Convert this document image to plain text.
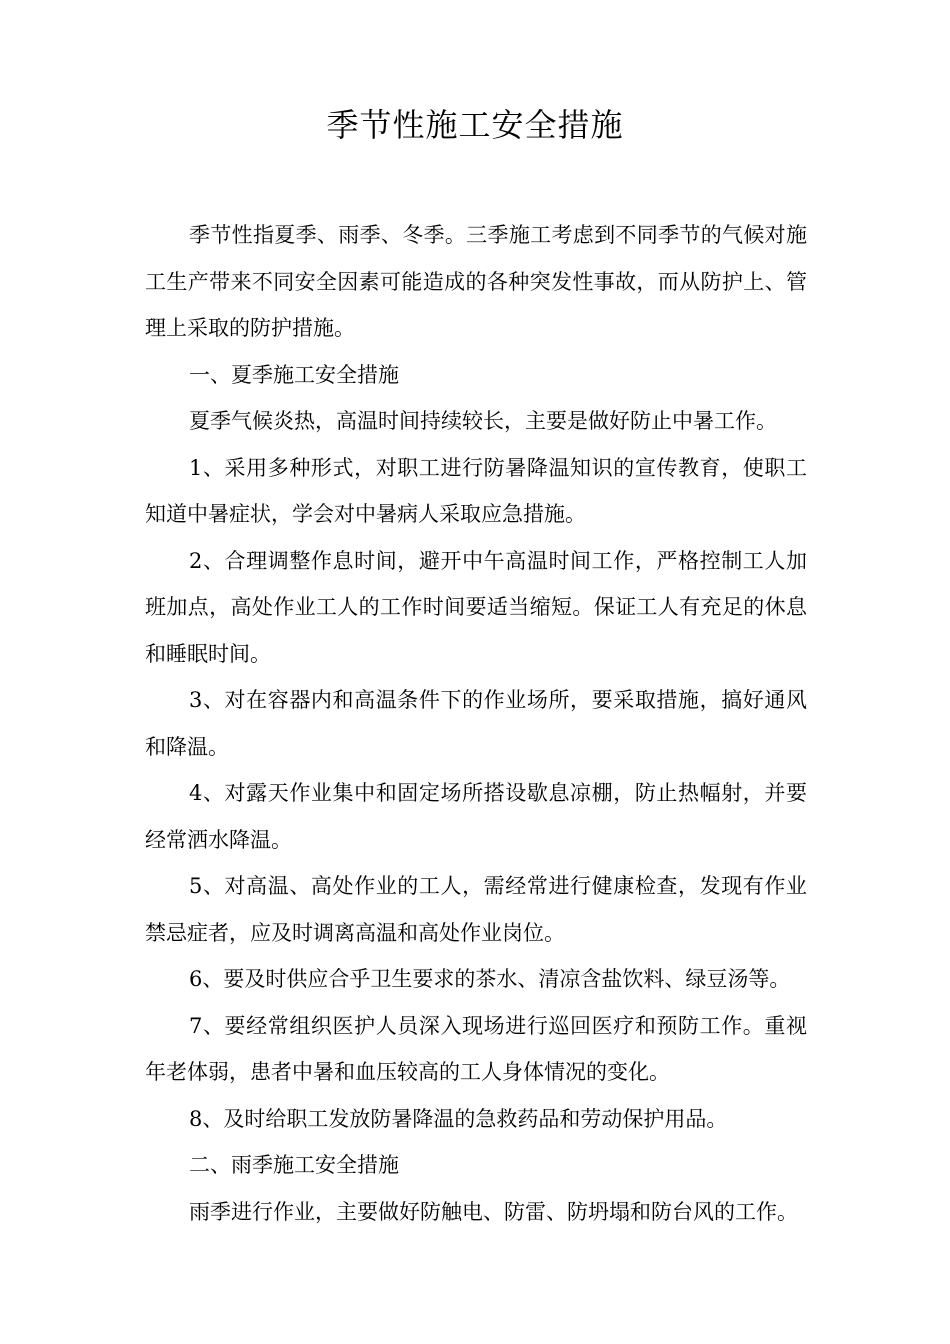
季节性施工安全措施

季节性指夏季、雨季、冬季。三季施工考虑到不同季节的气候对施工生产带来不同安全因素可能造成的各种突发性事故，而从防护上、管理上采取的防护措施。

一、夏季施工安全措施

夏季气候炎热，高温时间持续较长，主要是做好防止中暑工作。

1、采用多种形式，对职工进行防暑降温知识的宣传教育，使职工知道中暑症状，学会对中暑病人采取应急措施。

2、合理调整作息时间，避开中午高温时间工作，严格控制工人加班加点，高处作业工人的工作时间要适当缩短。保证工人有充足的休息和睡眠时间。

3、对在容器内和高温条件下的作业场所，要采取措施，搞好通风和降温。

4、对露天作业集中和固定场所搭设歇息凉棚，防止热幅射，并要经常洒水降温。

5、对高温、高处作业的工人，需经常进行健康检查，发现有作业禁忌症者，应及时调离高温和高处作业岗位。

6、要及时供应合乎卫生要求的茶水、清凉含盐饮料、绿豆汤等。

7、要经常组织医护人员深入现场进行巡回医疗和预防工作。重视年老体弱，患者中暑和血压较高的工人身体情况的变化。

8、及时给职工发放防暑降温的急救药品和劳动保护用品。

二、雨季施工安全措施

雨季进行作业，主要做好防触电、防雷、防坍塌和防台风的工作。
